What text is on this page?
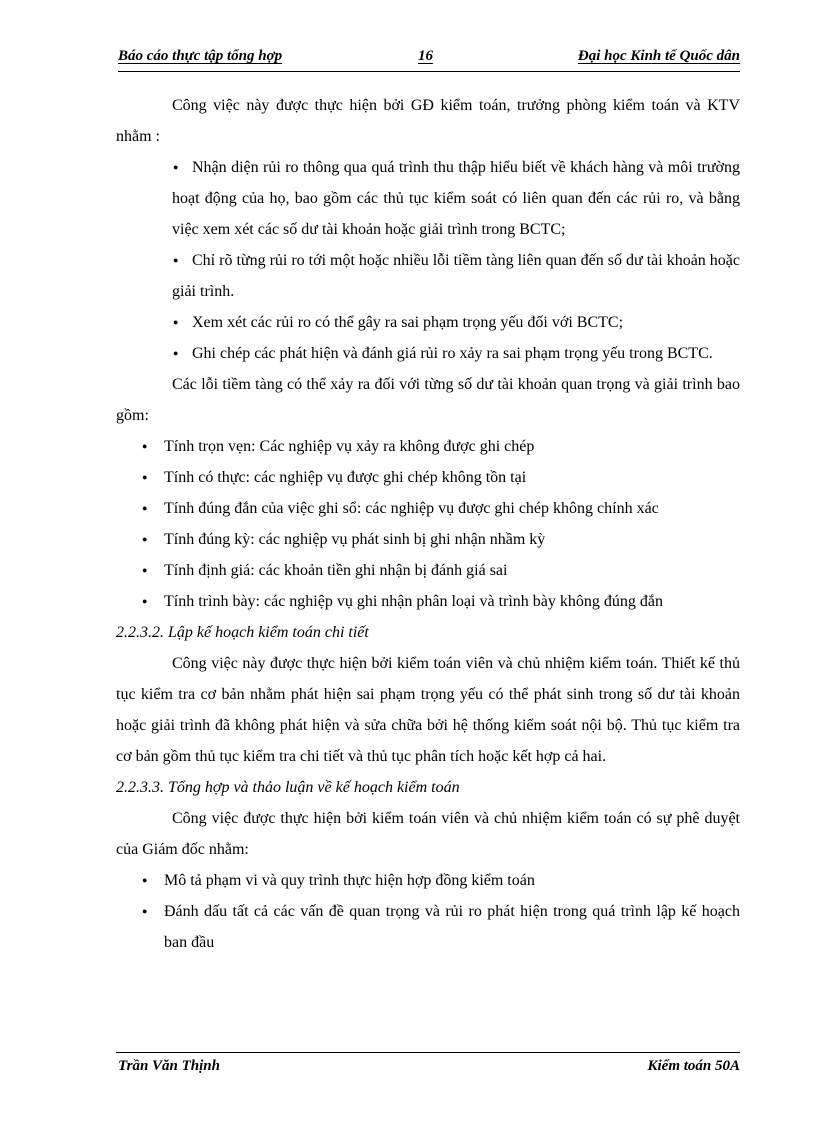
Báo cáo thực tập tổng hợp	16	Đại học Kinh tế Quốc dân

Công việc này được thực hiện bởi GĐ kiểm toán, trưởng phòng kiểm toán và KTV nhằm :

● Nhận diện rủi ro thông qua quá trình thu thập hiểu biết về khách hàng và môi trường hoạt động của họ, bao gồm các thủ tục kiểm soát có liên quan đến các rủi ro, và bằng việc xem xét các số dư tài khoản hoặc giải trình trong BCTC;
● Chỉ rõ từng rủi ro tới một hoặc nhiều lỗi tiềm tàng liên quan đến số dư tài khoản hoặc giải trình.
● Xem xét các rủi ro có thể gây ra sai phạm trọng yếu đối với BCTC;
● Ghi chép các phát hiện và đánh giá rủi ro xảy ra sai phạm trọng yếu trong BCTC.

Các lỗi tiềm tàng có thể xảy ra đối với từng số dư tài khoản quan trọng và giải trình bao gồm:

● Tính trọn vẹn: Các nghiệp vụ xảy ra không được ghi chép
● Tính có thực: các nghiệp vụ được ghi chép không tồn tại
● Tính đúng đắn của việc ghi sổ: các nghiệp vụ được ghi chép không chính xác
● Tính đúng kỳ: các nghiệp vụ phát sinh bị ghi nhận nhầm kỳ
● Tính định giá: các khoản tiền ghi nhận bị đánh giá sai
● Tính trình bày: các nghiệp vụ ghi nhận phân loại và trình bày không đúng đắn

2.2.3.2. Lập kế hoạch kiểm toán chi tiết

Công việc này được thực hiện bởi kiểm toán viên và chủ nhiệm kiểm toán. Thiết kế thủ tục kiểm tra cơ bản nhằm phát hiện sai phạm trọng yếu có thể phát sinh trong số dư tài khoản hoặc giải trình đã không phát hiện và sửa chữa bởi hệ thống kiểm soát nội bộ. Thủ tục kiểm tra cơ bản gồm thủ tục kiểm tra chi tiết và thủ tục phân tích hoặc kết hợp cả hai.

2.2.3.3. Tổng hợp và thảo luận về kế hoạch kiểm toán

Công việc được thực hiện bởi kiểm toán viên và chủ nhiệm kiểm toán có sự phê duyệt của Giám đốc nhằm:

● Mô tả phạm vi và quy trình thực hiện hợp đồng kiểm toán
● Đánh dấu tất cả các vấn đề quan trọng và rủi ro phát hiện trong quá trình lập kế hoạch ban đầu
Trần Văn Thịnh	Kiểm toán 50A
